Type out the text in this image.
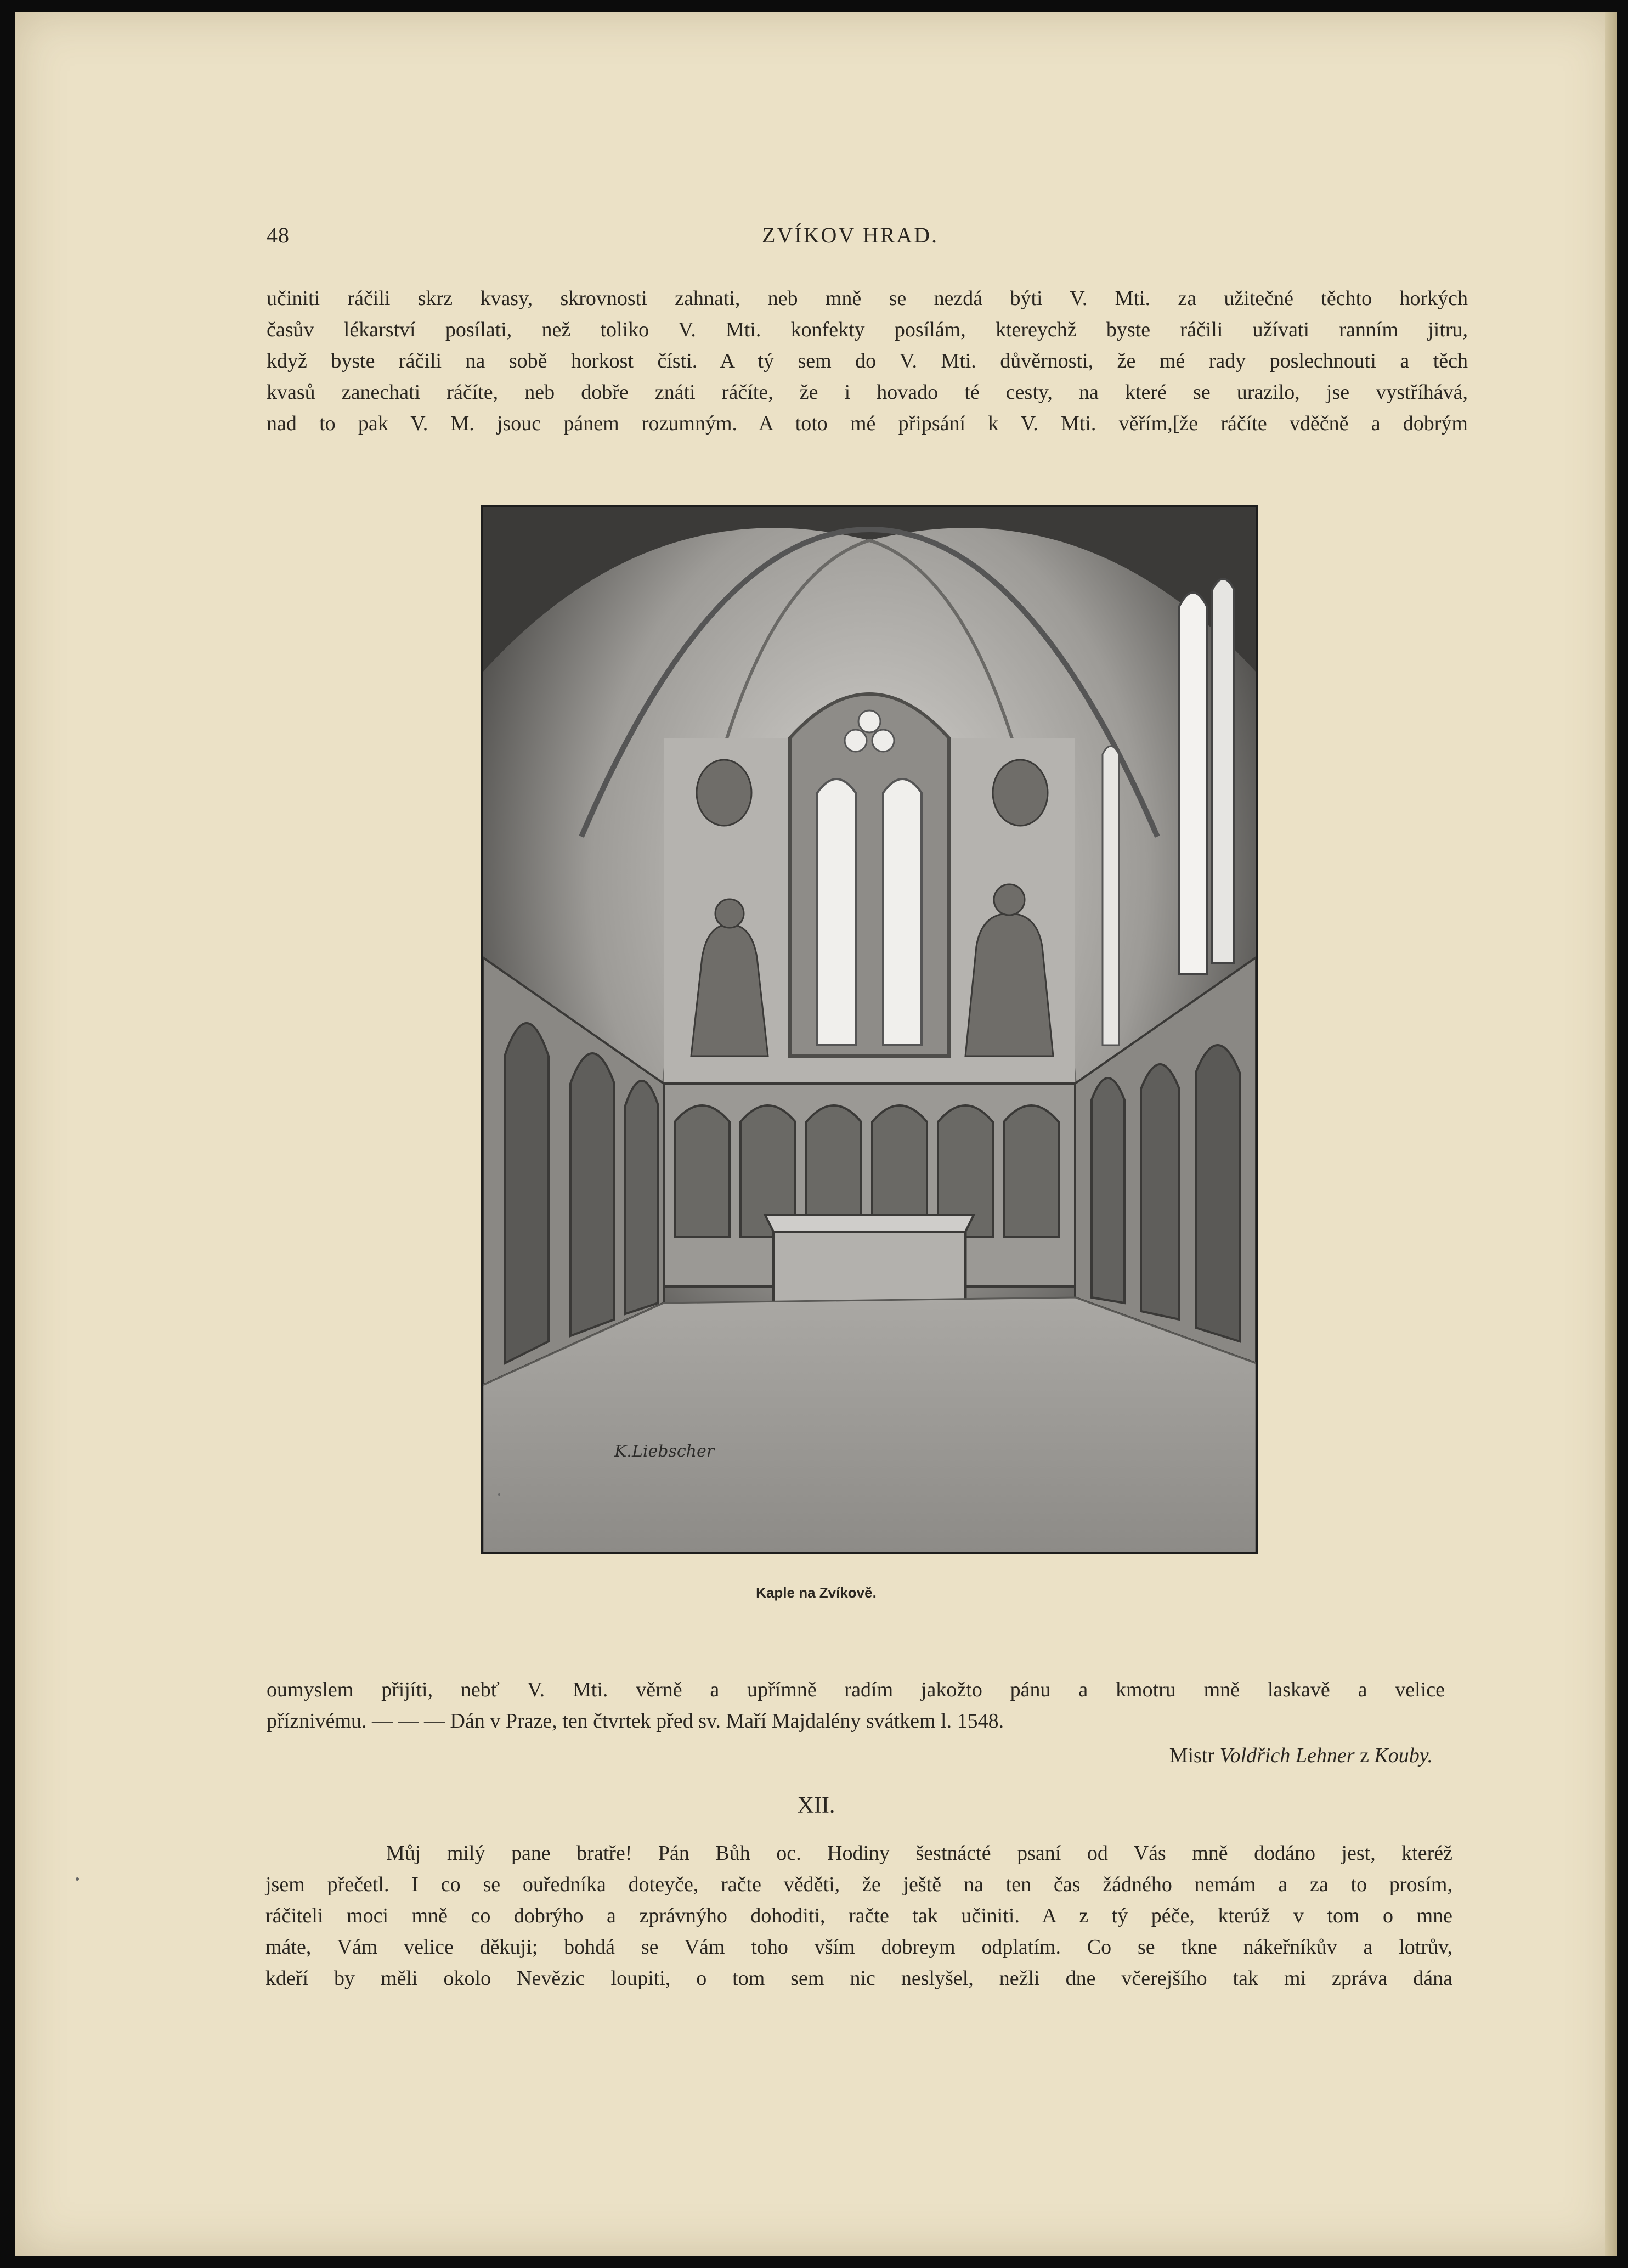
48	ZVÍKOV HRAD.
učiniti ráčili skrz kvasy, skrovnosti zahnati, neb mně se nezdá býti V. Mti. za užitečné těchto horkých
časův lékarství posílati, než toliko V. Mti. konfekty posílám, ktereychž byste ráčili užívati ranním jitru,
když byste ráčili na sobě horkost čísti. A tý sem do V. Mti. důvěrnosti, že mé rady poslechnouti a těch
kvasů zanechati ráčíte, neb dobře znáti ráčíte, že i hovado té cesty, na které se urazilo, jse vystříhává,
nad to pak V. M. jsouc pánem rozumným. A toto mé připsání k V. Mti. věřím,[že ráčíte vděčně a dobrým
K.Liebscher
Kaple na Zvíkově.
oumyslem přijíti, nebť V. Mti. věrně a upřímně radím jakožto pánu a kmotru mně laskavě a velice
příznivému. — — — Dán v Praze, ten čtvrtek před sv. Maří Majdalény svátkem l. 1548.
Mistr Voldřich Lehner z Kouby.
XII.
Můj milý pane bratře! Pán Bůh oc. Hodiny šestnácté psaní od Vás mně dodáno jest, kteréž
jsem přečetl. I co se ouředníka doteyče, račte věděti, že ještě na ten čas žádného nemám a za to prosím,
ráčiteli moci mně co dobrýho a zprávnýho dohoditi, račte tak učiniti. A z tý péče, kterúž v tom o mne
máte, Vám velice děkuji; bohdá se Vám toho vším dobreym odplatím. Co se tkne nákeřníkův a lotrův,
kdeří by měli okolo Nevězic loupiti, o tom sem nic neslyšel, nežli dne včerejšího tak mi zpráva dána
